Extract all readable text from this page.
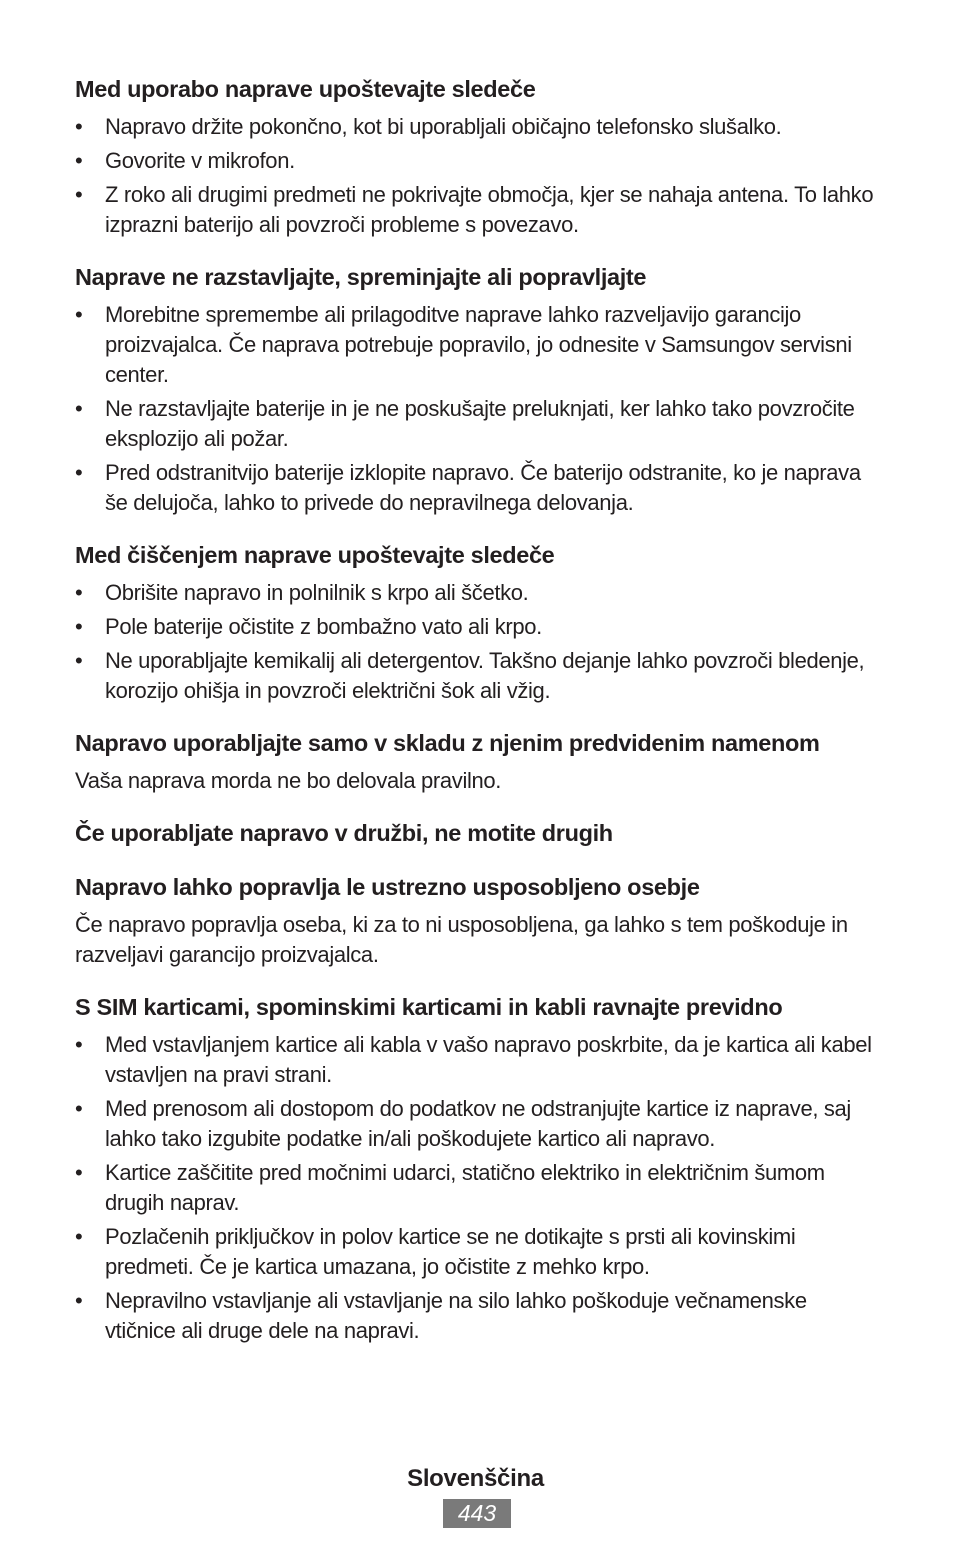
Med uporabo naprave upoštevajte sledeče
• Napravo držite pokončno, kot bi uporabljali običajno telefonsko slušalko.
• Govorite v mikrofon.
• Z roko ali drugimi predmeti ne pokrivajte območja, kjer se nahaja antena. To lahko izprazni baterijo ali povzroči probleme s povezavo.
Naprave ne razstavljajte, spreminjajte ali popravljajte
• Morebitne spremembe ali prilagoditve naprave lahko razveljavijo garancijo proizvajalca. Če naprava potrebuje popravilo, jo odnesite v Samsungov servisni center.
• Ne razstavljajte baterije in je ne poskušajte preluknjati, ker lahko tako povzročite eksplozijo ali požar.
• Pred odstranitvijo baterije izklopite napravo. Če baterijo odstranite, ko je naprava še delujoča, lahko to privede do nepravilnega delovanja.
Med čiščenjem naprave upoštevajte sledeče
• Obrišite napravo in polnilnik s krpo ali ščetko.
• Pole baterije očistite z bombažno vato ali krpo.
• Ne uporabljajte kemikalij ali detergentov. Takšno dejanje lahko povzroči bledenje, korozijo ohišja in povzroči električni šok ali vžig.
Napravo uporabljajte samo v skladu z njenim predvidenim namenom

Vaša naprava morda ne bo delovala pravilno.

Če uporabljate napravo v družbi, ne motite drugih
Napravo lahko popravlja le ustrezno usposobljeno osebje

Če napravo popravlja oseba, ki za to ni usposobljena, ga lahko s tem poškoduje in razveljavi garancijo proizvajalca.

S SIM karticami, spominskimi karticami in kabli ravnajte previdno
• Med vstavljanjem kartice ali kabla v vašo napravo poskrbite, da je kartica ali kabel vstavljen na pravi strani.
• Med prenosom ali dostopom do podatkov ne odstranjujte kartice iz naprave, saj lahko tako izgubite podatke in/ali poškodujete kartico ali napravo.
• Kartice zaščitite pred močnimi udarci, statično elektriko in električnim šumom drugih naprav.
• Pozlačenih priključkov in polov kartice se ne dotikajte s prsti ali kovinskimi predmeti. Če je kartica umazana, jo očistite z mehko krpo.
• Nepravilno vstavljanje ali vstavljanje na silo lahko poškoduje večnamenske vtičnice ali druge dele na napravi.
Slovenščina
443
